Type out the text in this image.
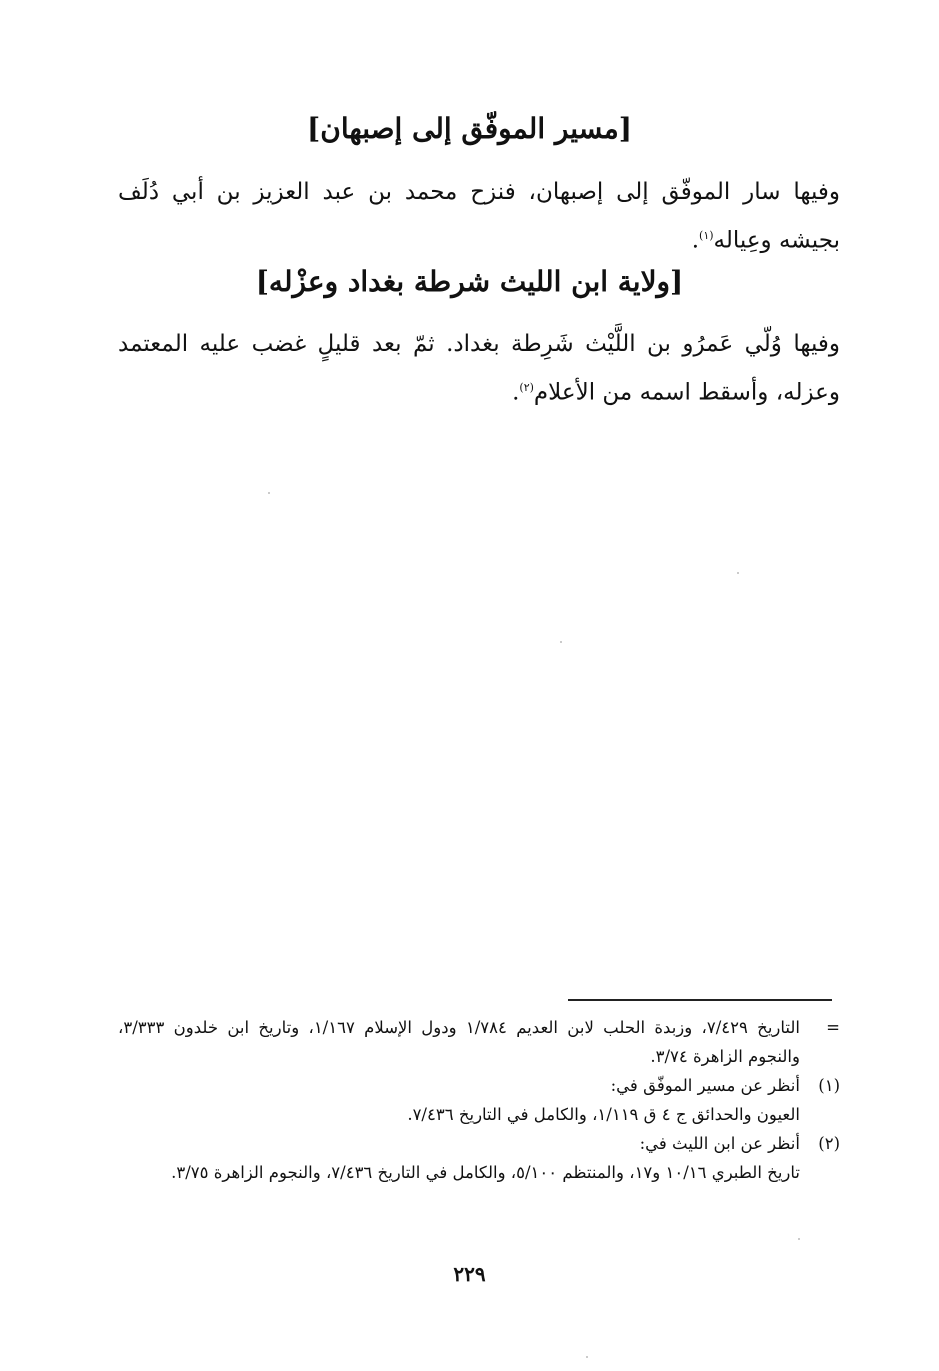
[مسير الموفّق إلى إصبهان]
وفيها سار الموفّق إلى إصبهان، فنزح محمد بن عبد العزيز بن أبي دُلَف بجيشه وعِياله$^{(١)}$.
[ولاية ابن الليث شرطة بغداد وعزْله]
وفيها وُلّي عَمرُو بن اللَّيْث شَرِطة بغداد. ثمّ بعد قليلٍ غضب عليه المعتمد وعزله، وأسقط اسمه من الأعلام$^{(٢)}$.
=
التاريخ ٧/٤٢٩، وزبدة الحلب لابن العديم ١/٧٨٤ ودول الإسلام ١/١٦٧، وتاريخ ابن خلدون ٣/٣٣٣، والنجوم الزاهرة ٣/٧٤.
(١)
أنظر عن مسير الموفّق في:
العيون والحدائق ج ٤ ق ١/١١٩، والكامل في التاريخ ٧/٤٣٦.
(٢)
أنظر عن ابن الليث في:
تاريخ الطبري ١٠/١٦ و١٧، والمنتظم ٥/١٠٠، والكامل في التاريخ ٧/٤٣٦، والنجوم الزاهرة ٣/٧٥.
٢٢٩
